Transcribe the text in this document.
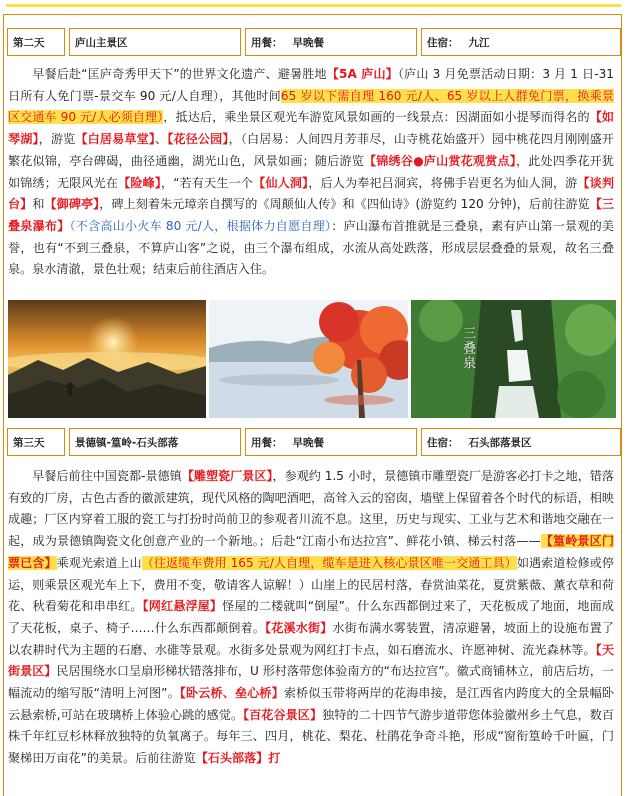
第二天	庐山主景区	用餐： 早晚餐	住宿： 九江
早餐后赴“匡庐奇秀甲天下”的世界文化遗产、避暑胜地【5A 庐山】（庐山 3 月免票活动日期：3 月 1 日-31 日所有人免门票-景交车 90 元/人自理），其他时间65 岁以下需自理 160 元/人、65 岁以上人群免门票，换乘景区交通车 90 元/人必须自理），抵达后，乘坐景区观光车游览风景如画的一线景点：因湖面如小提琴而得名的【如琴湖】，游览【白居易草堂】、【花径公园】，（白居易：人间四月芳菲尽，山寺桃花始盛开）园中桃花四月刚刚盛开繁花似锦，亭台碑碣，曲径通幽，湖光山色，风景如画；随后游览【锦绣谷●庐山赏花观赏点】，此处四季花开犹如锦绣；无限风光在【险峰】，“若有天生一个【仙人洞】，后人为奉祀吕洞宾，将佛手岩更名为仙人洞，游【谈判台】和【御碑亭】，碑上刻着朱元璋亲自撰写的《周颠仙人传》和《四仙诗》(游览约 120 分钟)，后前往游览【三叠泉瀑布】（不含高山小火车 80 元/人，根据体力自愿自理）：庐山瀑布首推就是三叠泉，素有庐山第一景观的美誉，也有“不到三叠泉，不算庐山客”之说，由三个瀑布组成，水流从高处跌落，形成层层叠叠的景观，故名三叠泉。泉水清澈，景色壮观；结束后前往酒店入住。
三叠泉
第三天	景德镇-篁岭-石头部落	用餐： 早晚餐	住宿： 石头部落景区
早餐后前往中国瓷都-景德镇【雕塑瓷厂景区】，参观约 1.5 小时，景德镇市雕塑瓷厂是游客必打卡之地，错落有致的厂房，古色古香的徽派建筑，现代风格的陶吧酒吧，高耸入云的窑囱，墙壁上保留着各个时代的标语，相映成趣；厂区内穿着工服的瓷工与打扮时尚前卫的参观者川流不息。这里，历史与现实、工业与艺术和谐地交融在一起，成为景德镇陶瓷文化创意产业的一个新地。；后赴“江南小布达拉宫”、鲜花小镇、梯云村落——【篁岭景区门票已含】乘观光索道上山（往返缆车费用 165 元/人自理，缆车是进入核心景区唯一交通工具）如遇索道检修或停运，则乘景区观光车上下，费用不变，敬请客人谅解！）山崖上的民居村落，春赏油菜花，夏赏紫薇、薰衣草和荷花、秋看菊花和串串红。【网红悬浮屋】怪屋的二楼就叫“倒屋”。什么东西都倒过来了，天花板成了地面，地面成了天花板，桌子、椅子……什么东西都颠倒着。【花溪水街】水街布满水雾装置，清凉避暑，坡面上的设施布置了以农耕时代为主题的石磨、水碓等景观。水街多处景观为网红打卡点，如石磨流水、许愿神树、流光森林等。【天街景区】民居围绕水口呈扇形梯状错落排布，U 形村落带您体验南方的“布达拉宫”。徽式商铺林立，前店后坊，一幅流动的缩写版“清明上河图”。【卧云桥、垒心桥】索桥似玉带将两岸的花海串接，是江西省内跨度大的全景幅卧云悬索桥,可站在玻璃桥上体验心跳的感觉。【百花谷景区】独特的二十四节气游步道带您体验徽州乡土气息，数百株千年红豆杉林释放独特的负氧离子。每年三、四月，桃花、梨花、杜鹃花争奇斗艳，形成“窗衔篁岭千叶匾，门聚梯田万亩花”的美景。后前往游览【石头部落】打
